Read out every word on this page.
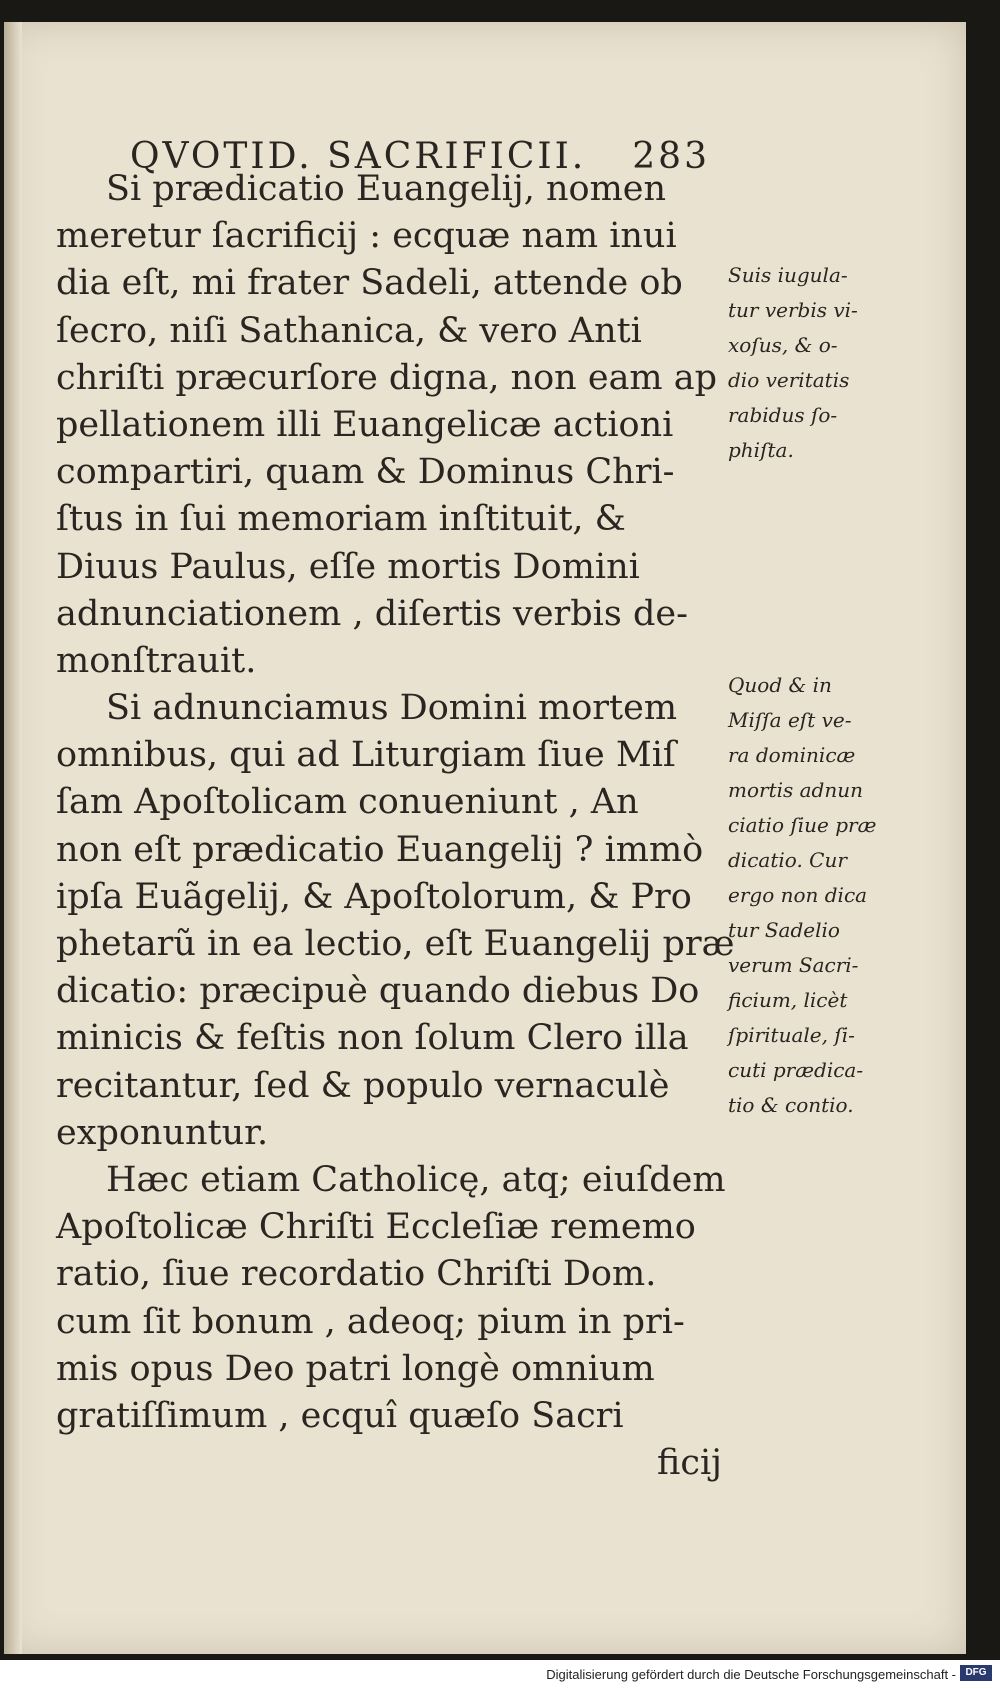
QVOTID. SACRIFICII. 283
Si prædicatio Euangelij, nomen
meretur ſacrificij : ecquæ nam inui
dia eſt, mi frater Sadeli, attende ob
ſecro, niſi Sathanica, & vero Anti
chriſti præcurſore digna, non eam ap
pellationem illi Euangelicæ actioni
compartiri, quam & Dominus Chri-
ſtus in ſui memoriam inſtituit, &
Diuus Paulus, eſſe mortis Domini
adnunciationem , diſertis verbis de-
monſtrauit.
Si adnunciamus Domini mortem
omnibus, qui ad Liturgiam ſiue Miſ
ſam Apoſtolicam conueniunt , An
non eſt prædicatio Euangelij ? immò
ipſa Euãgelij, & Apoſtolorum, & Pro
phetarũ in ea lectio, eſt Euangelij præ
dicatio: præcipuè quando diebus Do
minicis & feſtis non ſolum Clero illa
recitantur, ſed & populo vernaculè
exponuntur.
Hæc etiam Catholicę, atq; eiuſdem
Apoſtolicæ Chriſti Eccleſiæ rememo
ratio, ſiue recordatio Chriſti Dom.
cum ſit bonum , adeoq; pium in pri-
mis opus Deo patri longè omnium
gratiſſimum , ecquî quæſo Sacri
ficij
Suis iugula-
tur verbis vi-
xoſus, & o-
dio veritatis
rabidus ſo-
phiſta.
Quod & in
Miſſa eſt ve-
ra dominicæ
mortis adnun
ciatio ſiue præ
dicatio. Cur
ergo non dica
tur Sadelio
verum Sacri-
ficium, licèt
ſpirituale, ſi-
cuti prædica-
tio & contio.
Digitalisierung gefördert durch die Deutsche Forschungsgemeinschaft - DFG
